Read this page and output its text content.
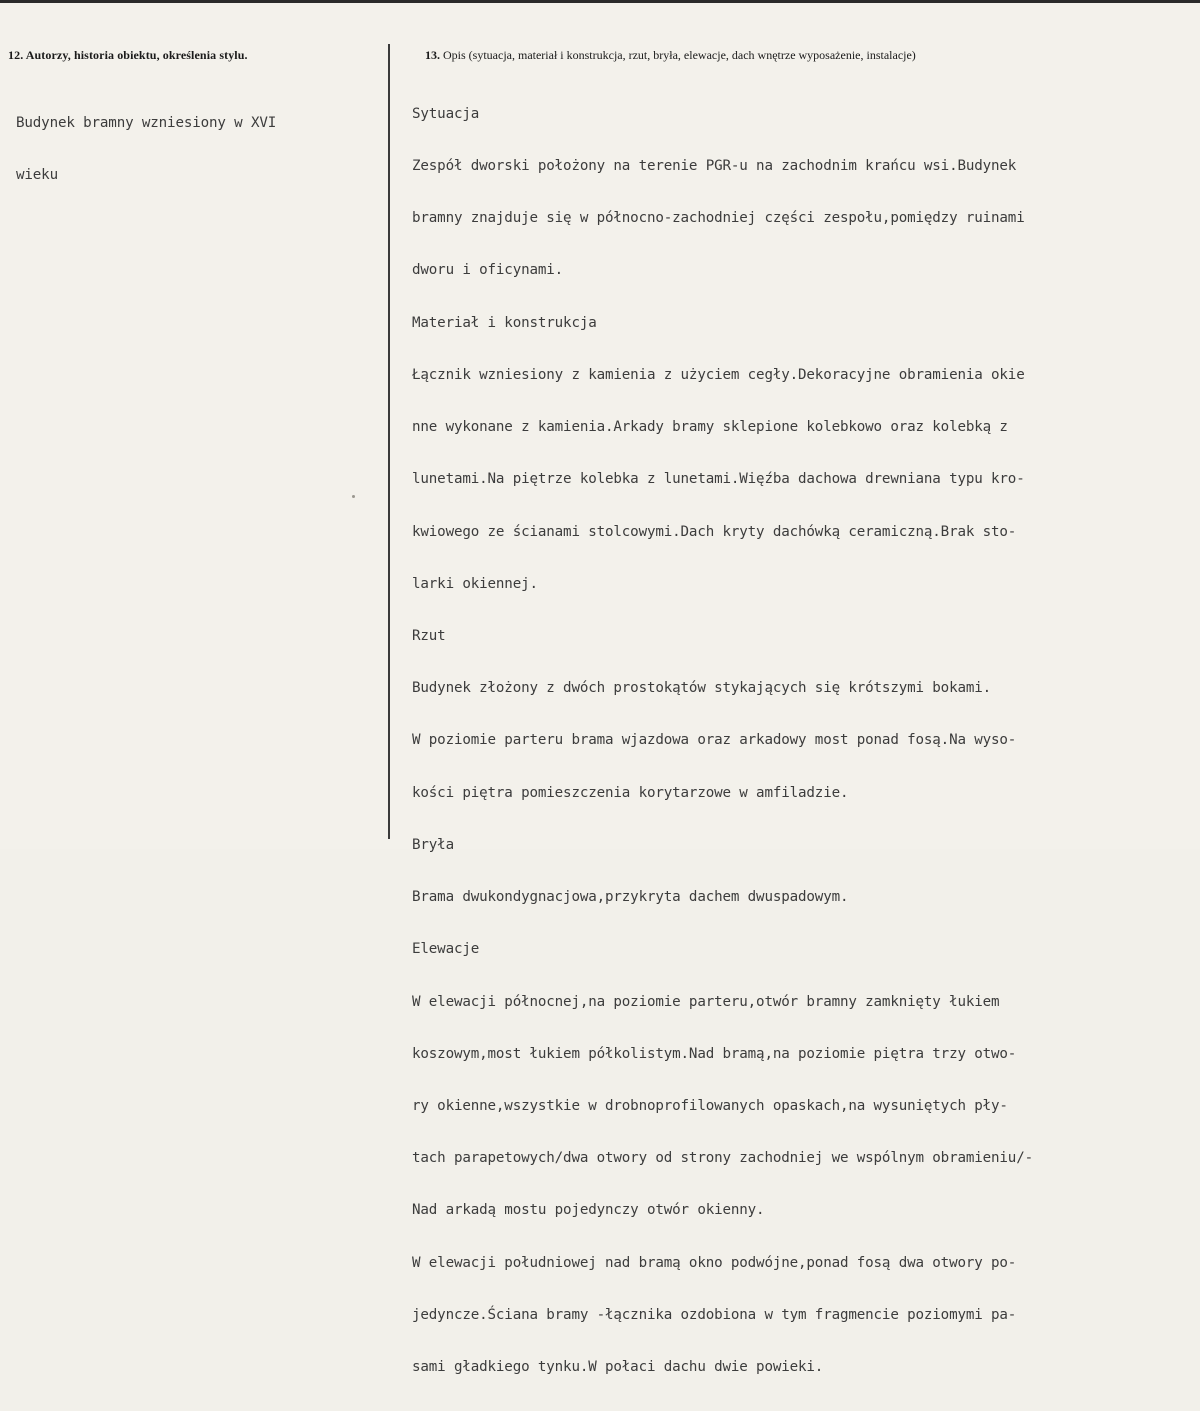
12. Autorzy, historia obiektu, określenia stylu.	13. Opis (sytuacja, materiał i konstrukcja, rzut, bryła, elewacje, dach wnętrze wyposażenie, instalacje)

Budynek bramny wzniesiony w XVI

wieku

Sytuacja

Zespół dworski położony na terenie PGR-u na zachodnim krańcu wsi.Budynek

bramny znajduje się w północno-zachodniej części zespołu,pomiędzy ruinami

dworu i oficynami.

Materiał i konstrukcja

Łącznik wzniesiony z kamienia z użyciem cegły.Dekoracyjne obramienia okie

nne wykonane z kamienia.Arkady bramy sklepione kolebkowo oraz kolebką z

lunetami.Na piętrze kolebka z lunetami.Więźba dachowa drewniana typu kro-

kwiowego ze ścianami stolcowymi.Dach kryty dachówką ceramiczną.Brak sto-

larki okiennej.

Rzut

Budynek złożony z dwóch prostokątów stykających się krótszymi bokami.

W poziomie parteru brama wjazdowa oraz arkadowy most ponad fosą.Na wyso-

kości piętra pomieszczenia korytarzowe w amfiladzie.

Bryła

Brama dwukondygnacjowa,przykryta dachem dwuspadowym.

Elewacje

W elewacji północnej,na poziomie parteru,otwór bramny zamknięty łukiem

koszowym,most łukiem półkolistym.Nad bramą,na poziomie piętra trzy otwo-

ry okienne,wszystkie w drobnoprofilowanych opaskach,na wysuniętych pły-

tach parapetowych/dwa otwory od strony zachodniej we wspólnym obramieniu/-

Nad arkadą mostu pojedynczy otwór okienny.

W elewacji południowej nad bramą okno podwójne,ponad fosą dwa otwory po-

jedyncze.Ściana bramy -łącznika ozdobiona w tym fragmencie poziomymi pa-

sami gładkiego tynku.W połaci dachu dwie powieki.
